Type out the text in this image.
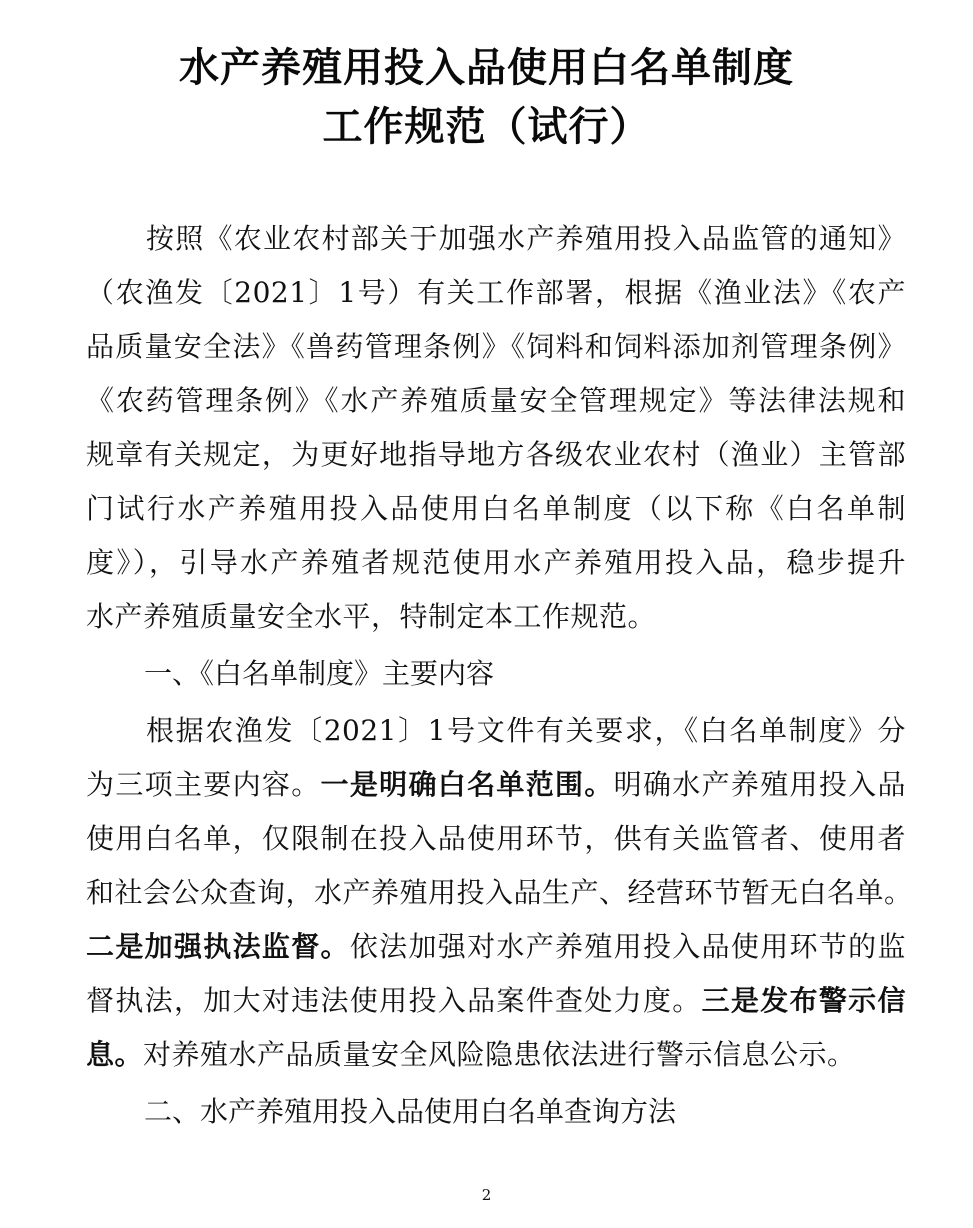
水产养殖用投入品使用白名单制度
工作规范（试行）
按照《农业农村部关于加强水产养殖用投入品监管的通知》
（农渔发〔2021〕1号）有关工作部署，根据《渔业法》《农产
品质量安全法》《兽药管理条例》《饲料和饲料添加剂管理条例》
《农药管理条例》《水产养殖质量安全管理规定》等法律法规和
规章有关规定，为更好地指导地方各级农业农村（渔业）主管部
门试行水产养殖用投入品使用白名单制度（以下称《白名单制
度》），引导水产养殖者规范使用水产养殖用投入品，稳步提升
水产养殖质量安全水平，特制定本工作规范。
一、《白名单制度》主要内容
根据农渔发〔2021〕1号文件有关要求，《白名单制度》分
为三项主要内容。一是明确白名单范围。明确水产养殖用投入品
使用白名单，仅限制在投入品使用环节，供有关监管者、使用者
和社会公众查询，水产养殖用投入品生产、经营环节暂无白名单。
二是加强执法监督。依法加强对水产养殖用投入品使用环节的监
督执法，加大对违法使用投入品案件查处力度。三是发布警示信
息。对养殖水产品质量安全风险隐患依法进行警示信息公示。
二、水产养殖用投入品使用白名单查询方法
2
